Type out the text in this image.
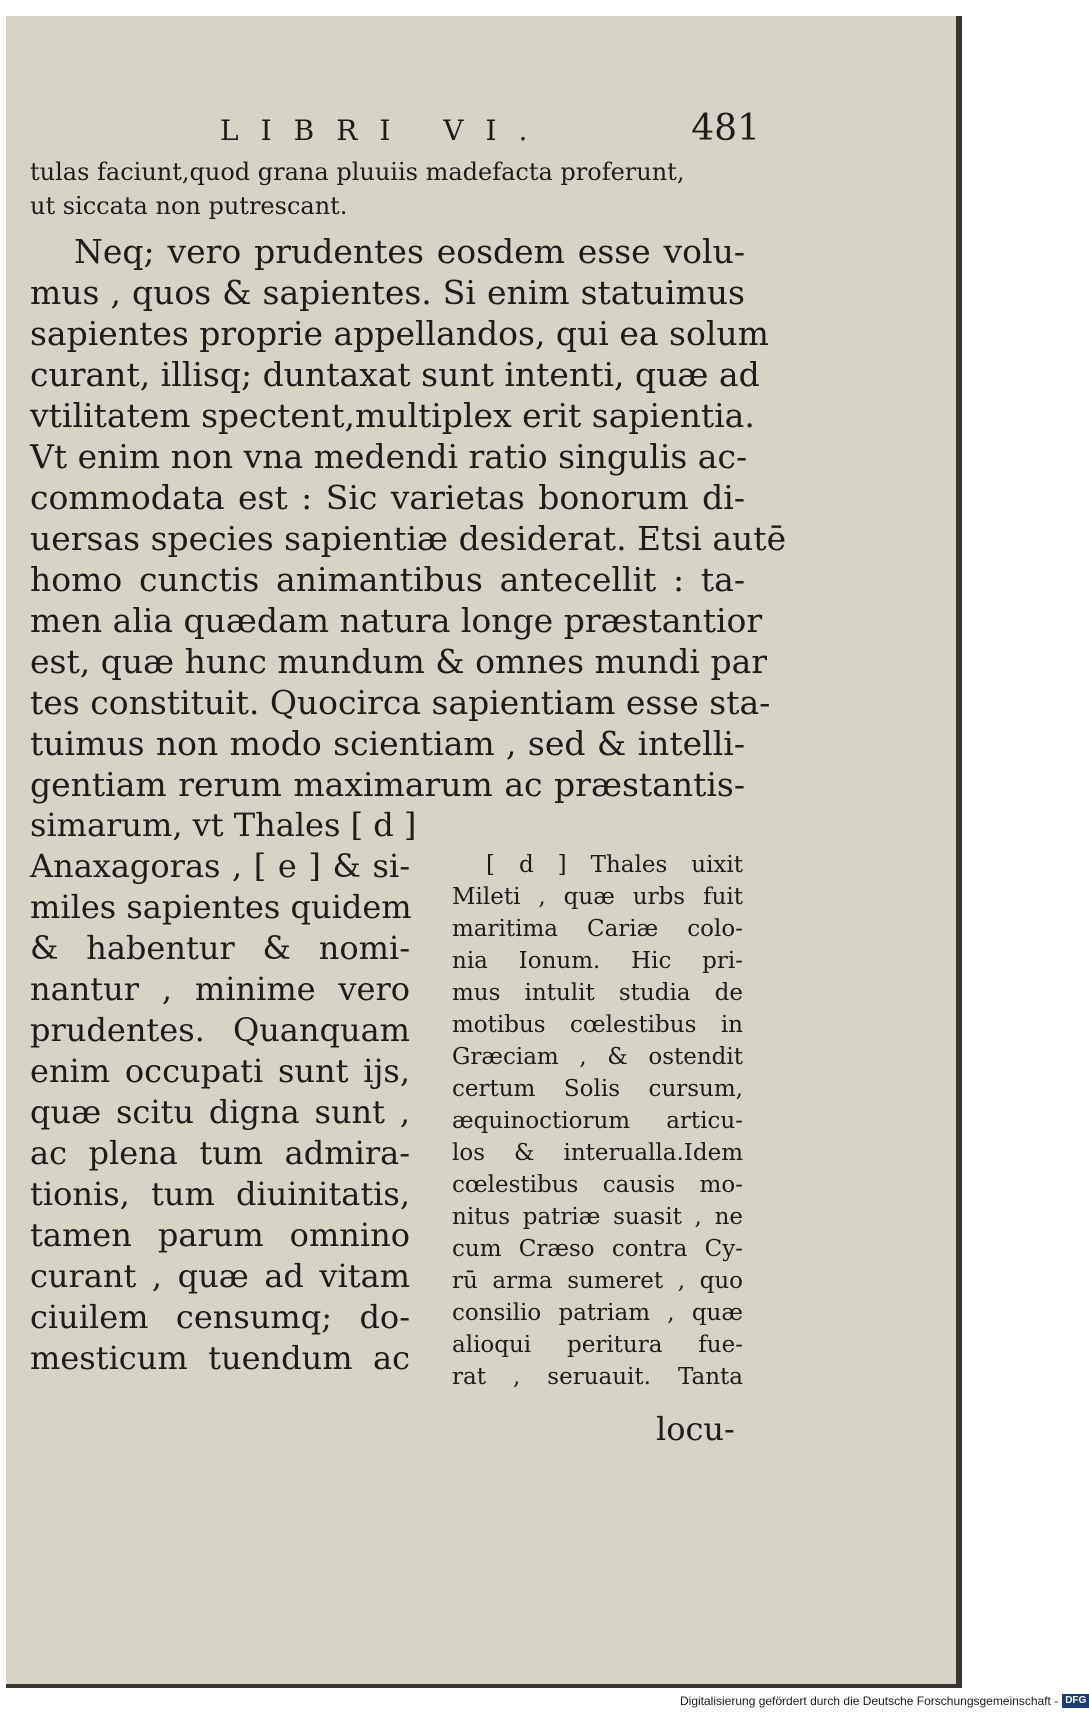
LIBRI VI.	481
tulas faciunt,quod grana pluuiis madefacta proferunt,
ut siccata non putrescant.
Neq; vero prudentes eosdem esse volu-
mus , quos & sapientes. Si enim statuimus
sapientes proprie appellandos, qui ea solum
curant, illisq; duntaxat sunt intenti, quæ ad
vtilitatem spectent,multiplex erit sapientia.
Vt enim non vna medendi ratio singulis ac-
commodata est : Sic varietas bonorum di-
uersas species sapientiæ desiderat. Etsi autē
homo cunctis animantibus antecellit : ta-
men alia quædam natura longe præstantior
est, quæ hunc mundum & omnes mundi par
tes constituit. Quocirca sapientiam esse sta-
tuimus non modo scientiam , sed & intelli-
gentiam rerum maximarum ac præstantis-
simarum, vt Thales [ d ]
Anaxagoras , [ e ] & si-
miles sapientes quidem
& habentur & nomi-
nantur , minime vero
prudentes. Quanquam
enim occupati sunt ijs,
quæ scitu digna sunt ,
ac plena tum admira-
tionis, tum diuinitatis,
tamen parum omnino
curant , quæ ad vitam
ciuilem censumq; do-
mesticum tuendum ac
[ d ] Thales uixit
Mileti , quæ urbs fuit
maritima Cariæ colo-
nia Ionum. Hic pri-
mus intulit studia de
motibus cœlestibus in
Græciam , & ostendit
certum Solis cursum,
æquinoctiorum articu-
los & interualla.Idem
cœlestibus causis mo-
nitus patriæ suasit , ne
cum Cræso contra Cy-
rū arma sumeret , quo
consilio patriam , quæ
alioqui peritura fue-
rat , seruauit. Tanta
locu-
Digitalisierung gefördert durch die Deutsche Forschungsgemeinschaft - DFG
